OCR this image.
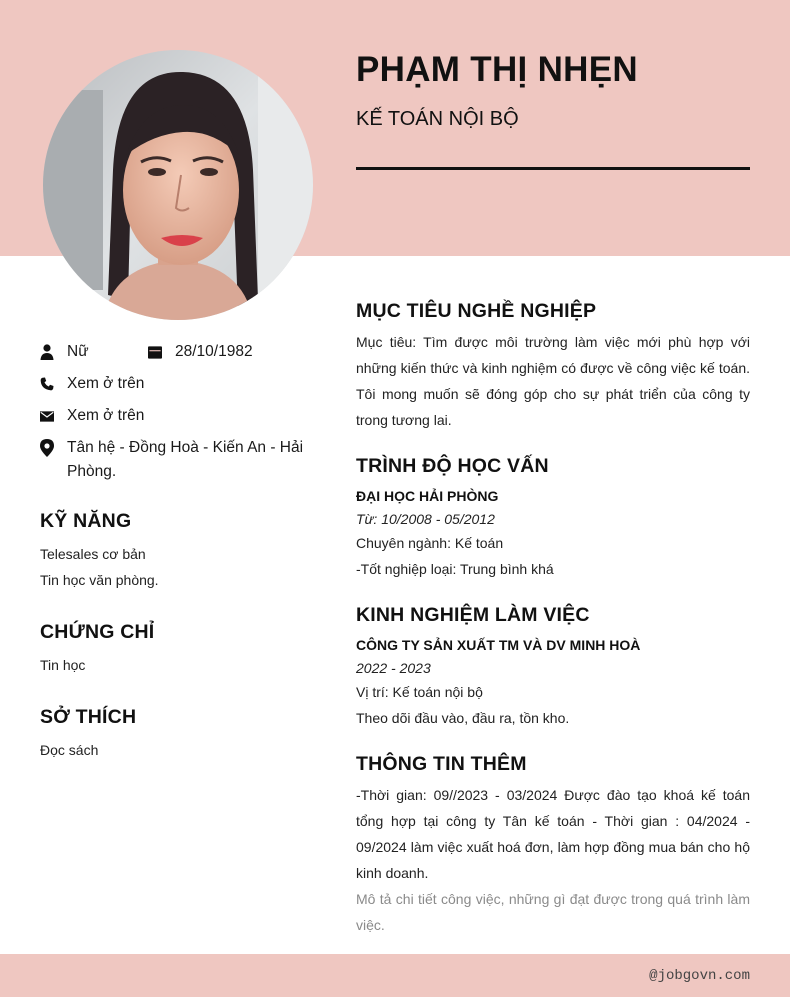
PHẠM THỊ NHẸN
KẾ TOÁN NỘI BỘ
Nữ	28/10/1982
Xem ở trên
Xem ở trên
Tân hệ - Đồng Hoà - Kiến An - Hải Phòng.
KỸ NĂNG
Telesales cơ bản
Tin học văn phòng.
CHỨNG CHỈ
Tin học
SỞ THÍCH
Đọc sách
MỤC TIÊU NGHỀ NGHIỆP
Mục tiêu: Tìm được môi trường làm việc mới phù hợp với những kiến thức và kinh nghiệm có được về công việc kế toán. Tôi mong muốn sẽ đóng góp cho sự phát triển của công ty trong tương lai.
TRÌNH ĐỘ HỌC VẤN
ĐẠI HỌC HẢI PHÒNG
Từ: 10/2008 - 05/2012
Chuyên ngành: Kế toán
-Tốt nghiệp loại: Trung bình khá
KINH NGHIỆM LÀM VIỆC
CÔNG TY SẢN XUẤT TM VÀ DV MINH HOÀ
2022 - 2023
Vị trí: Kế toán nội bộ
Theo dõi đầu vào, đầu ra, tồn kho.
THÔNG TIN THÊM
-Thời gian: 09//2023 - 03/2024 Được đào tạo khoá kế toán tổng hợp tại công ty Tân kế toán - Thời gian : 04/2024 - 09/2024 làm việc xuất hoá đơn, làm hợp đồng mua bán cho hộ kinh doanh.
Mô tả chi tiết công việc, những gì đạt được trong quá trình làm việc.
@jobgovn.com
